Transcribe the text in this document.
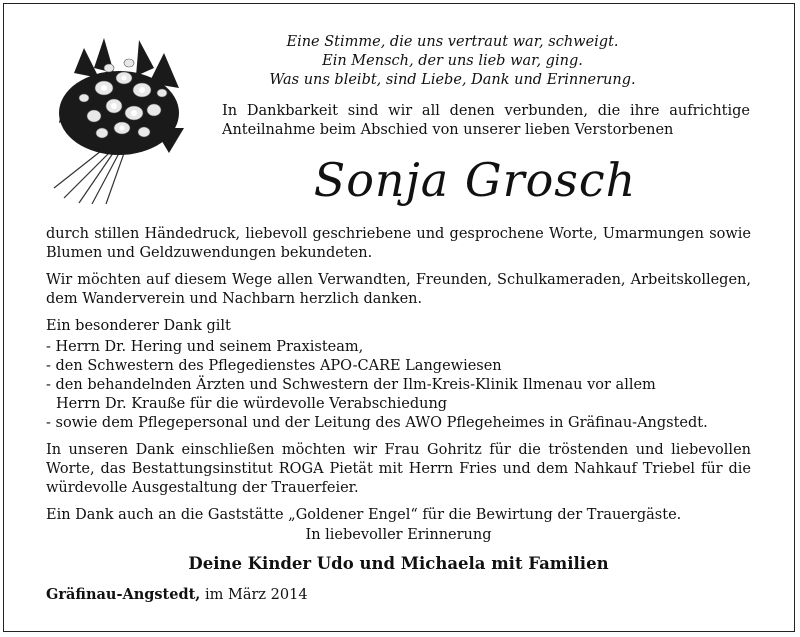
Eine Stimme, die uns vertraut war, schweigt.
Ein Mensch, der uns lieb war, ging.
Was uns bleibt, sind Liebe, Dank und Erinnerung.
In Dankbarkeit sind wir all denen verbunden, die ihre aufrichtige
Anteilnahme beim Abschied von unserer lieben Verstorbenen
Sonja Grosch

durch stillen Händedruck, liebevoll geschriebene und gesprochene Worte, Umarmungen sowie Blumen und Geldzuwendungen bekundeten.

Wir möchten auf diesem Wege allen Verwandten, Freunden, Schulkameraden, Arbeitskollegen, dem Wanderverein und Nachbarn herzlich danken.

Ein besonderer Dank gilt

- Herrn Dr. Hering und seinem Praxisteam,
- den Schwestern des Pflegedienstes APO-CARE Langewiesen
- den behandelnden Ärzten und Schwestern der Ilm-Kreis-Klinik Ilmenau vor allem
Herrn Dr. Krauße für die würdevolle Verabschiedung
- sowie dem Pflegepersonal und der Leitung des AWO Pflegeheimes in Gräfinau-Angstedt.

In unseren Dank einschließen möchten wir Frau Gohritz für die tröstenden und liebevollen Worte, das Bestattungsinstitut ROGA Pietät mit Herrn Fries und dem Nahkauf Triebel für die würdevolle Ausgestaltung der Trauerfeier.

Ein Dank auch an die Gaststätte „Goldener Engel“ für die Bewirtung der Trauergäste.

In liebevoller Erinnerung
Deine Kinder Udo und Michaela mit Familien
Gräfinau-Angstedt, im März 2014
